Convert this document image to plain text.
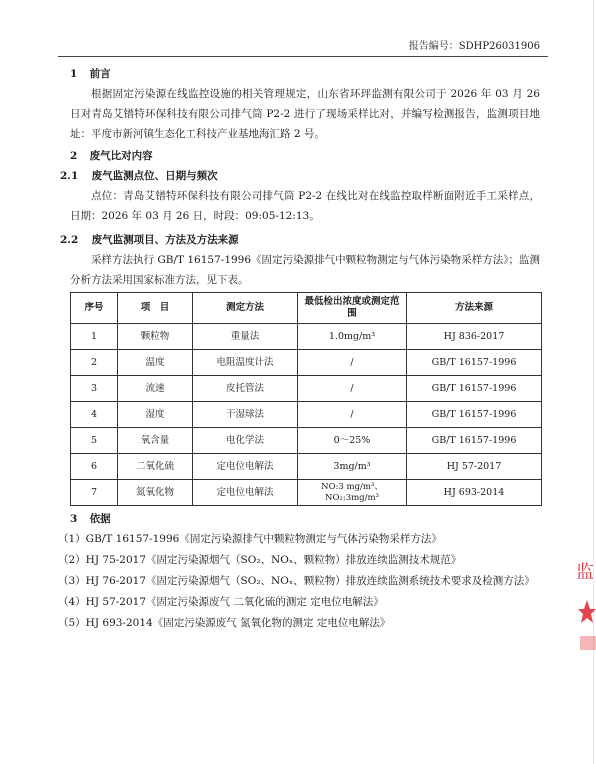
报告编号：SDHP26031906
1 前言
根据固定污染源在线监控设施的相关管理规定，山东省环玶监测有限公司于 2026 年 03 月 26 日对青岛艾镨特环保科技有限公司排气筒 P2-2 进行了现场采样比对，并编写检测报告，监测项目地址：平度市新河镇生态化工科技产业基地海汇路 2 号。
2 废气比对内容
2.1 废气监测点位、日期与频次
点位：青岛艾镨特环保科技有限公司排气筒 P2-2 在线比对在线监控取样断面附近手工采样点，日期：2026 年 03 月 26 日，时段：09:05-12:13。
2.2 废气监测项目、方法及方法来源
采样方法执行 GB/T 16157-1996《固定污染源排气中颗粒物测定与气体污染物采样方法》；监测分析方法采用国家标准方法，见下表。
序号	项　目	测定方法	最低检出浓度或测定范围	方法来源
1	颗粒物	重量法	1.0mg/m³	HJ 836-2017
2	温度	电阻温度计法	/	GB/T 16157-1996
3	流速	皮托管法	/	GB/T 16157-1996
4	湿度	干湿球法	/	GB/T 16157-1996
5	氧含量	电化学法	0～25%	GB/T 16157-1996
6	二氧化硫	定电位电解法	3mg/m³	HJ 57-2017
7	氮氧化物	定电位电解法	NO:3 mg/m³、NO₂:3mg/m³	HJ 693-2014
3 依据
（1）GB/T 16157-1996《固定污染源排气中颗粒物测定与气体污染物采样方法》
（2）HJ 75-2017《固定污染源烟气（SO₂、NOₓ、颗粒物）排放连续监测技术规范》
（3）HJ 76-2017《固定污染源烟气（SO₂、NOₓ、颗粒物）排放连续监测系统技术要求及检测方法》
（4）HJ 57-2017《固定污染源废气 二氧化硫的测定 定电位电解法》
（5）HJ 693-2014《固定污染源废气 氮氧化物的测定 定电位电解法》
监
